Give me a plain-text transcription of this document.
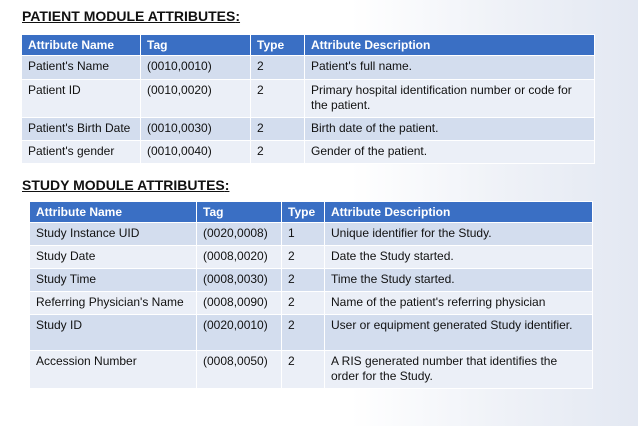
PATIENT MODULE ATTRIBUTES:
Attribute Name	Tag	Type	Attribute Description
Patient's Name	(0010,0010)	2	Patient's full name.
Patient ID	(0010,0020)	2	Primary hospital identification number or code for the patient.
Patient's Birth Date	(0010,0030)	2	Birth date of the patient.
Patient's gender	(0010,0040)	2	Gender of the patient.
STUDY MODULE ATTRIBUTES:
Attribute Name	Tag	Type	Attribute Description
Study Instance UID	(0020,0008)	1	Unique identifier for the Study.
Study Date	(0008,0020)	2	Date the Study started.
Study Time	(0008,0030)	2	Time the Study started.
Referring Physician's Name	(0008,0090)	2	Name of the patient's referring physician
Study ID	(0020,0010)	2	User or equipment generated Study identifier.
Accession Number	(0008,0050)	2	A RIS generated number that identifies the order for the Study.
